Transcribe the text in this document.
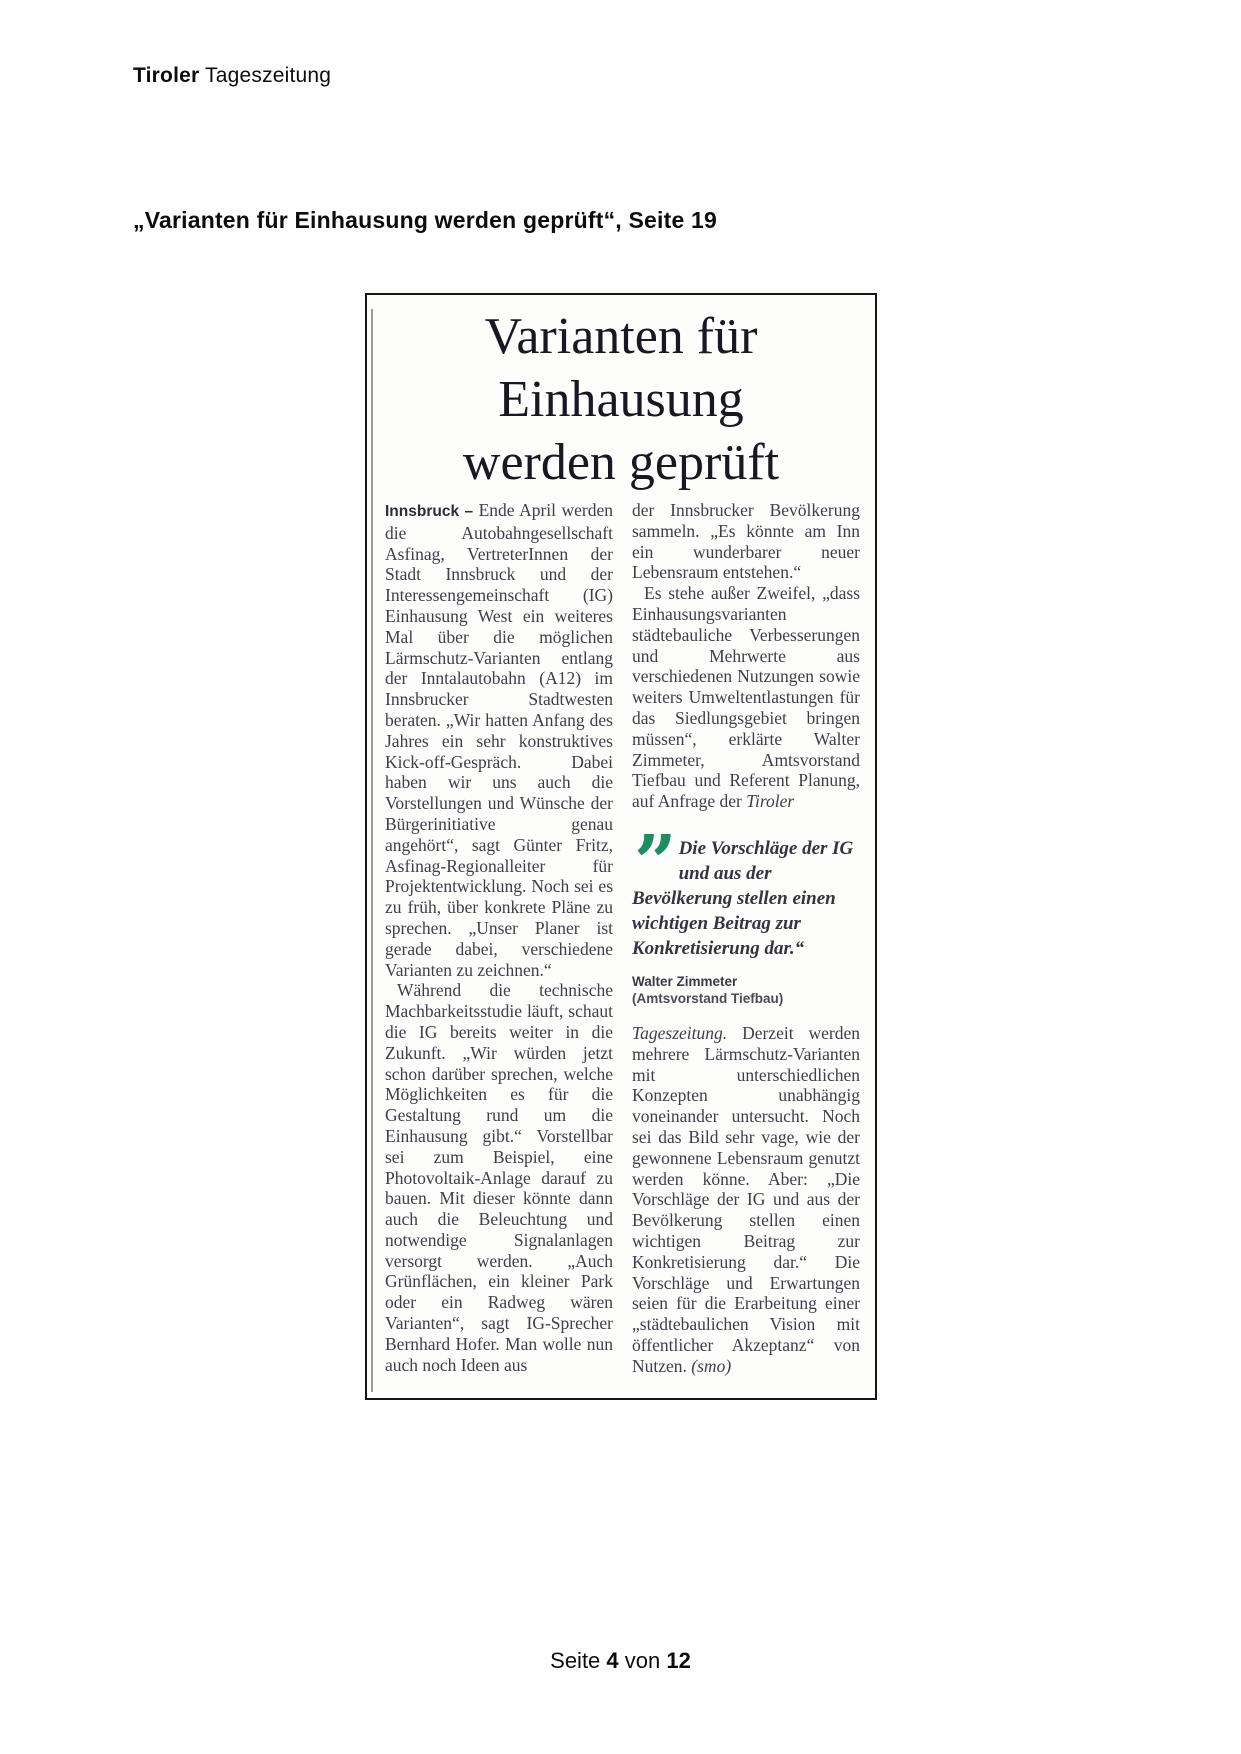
Tiroler Tageszeitung
„Varianten für Einhausung werden geprüft“, Seite 19
Varianten für
Einhausung
werden geprüft

Innsbruck – Ende April werden die Autobahngesellschaft Asfinag, VertreterInnen der Stadt Innsbruck und der Interessengemeinschaft (IG) Einhausung West ein weiteres Mal über die möglichen Lärmschutz-Varianten entlang der Inntalautobahn (A12) im Innsbrucker Stadtwesten beraten. „Wir hatten Anfang des Jahres ein sehr konstruktives Kick-off-Gespräch. Dabei haben wir uns auch die Vorstellungen und Wünsche der Bürgerinitiative genau angehört“, sagt Günter Fritz, Asfinag-Regionalleiter für Projektentwicklung. Noch sei es zu früh, über konkrete Pläne zu sprechen. „Unser Planer ist gerade dabei, verschiedene Varianten zu zeichnen.“

Während die technische Machbarkeitsstudie läuft, schaut die IG bereits weiter in die Zukunft. „Wir würden jetzt schon darüber sprechen, welche Möglichkeiten es für die Gestaltung rund um die Einhausung gibt.“ Vorstellbar sei zum Beispiel, eine Photovoltaik-Anlage darauf zu bauen. Mit dieser könnte dann auch die Beleuchtung und notwendige Signalanlagen versorgt werden. „Auch Grünflächen, ein kleiner Park oder ein Radweg wären Varianten“, sagt IG-Sprecher Bernhard Hofer. Man wolle nun auch noch Ideen aus

der Innsbrucker Bevölkerung sammeln. „Es könnte am Inn ein wunderbarer neuer Lebensraum entstehen.“

Es stehe außer Zweifel, „dass Einhausungsvarianten städtebauliche Verbesserungen und Mehrwerte aus verschiedenen Nutzungen sowie weiters Umweltentlastungen für das Siedlungsgebiet bringen müssen“, erklärte Walter Zimmeter, Amtsvorstand Tiefbau und Referent Planung, auf Anfrage der Tiroler

” Die Vorschläge der IG und aus der Bevölkerung stellen einen wichtigen Beitrag zur Konkretisierung dar.“
Walter Zimmeter
(Amtsvorstand Tiefbau)

Tageszeitung. Derzeit werden mehrere Lärmschutz-Varianten mit unterschiedlichen Konzepten unabhängig voneinander untersucht. Noch sei das Bild sehr vage, wie der gewonnene Lebensraum genutzt werden könne. Aber: „Die Vorschläge der IG und aus der Bevölkerung stellen einen wichtigen Beitrag zur Konkretisierung dar.“ Die Vorschläge und Erwartungen seien für die Erarbeitung einer „städtebaulichen Vision mit öffentlicher Akzeptanz“ von Nutzen. (smo)

Seite 4 von 12
